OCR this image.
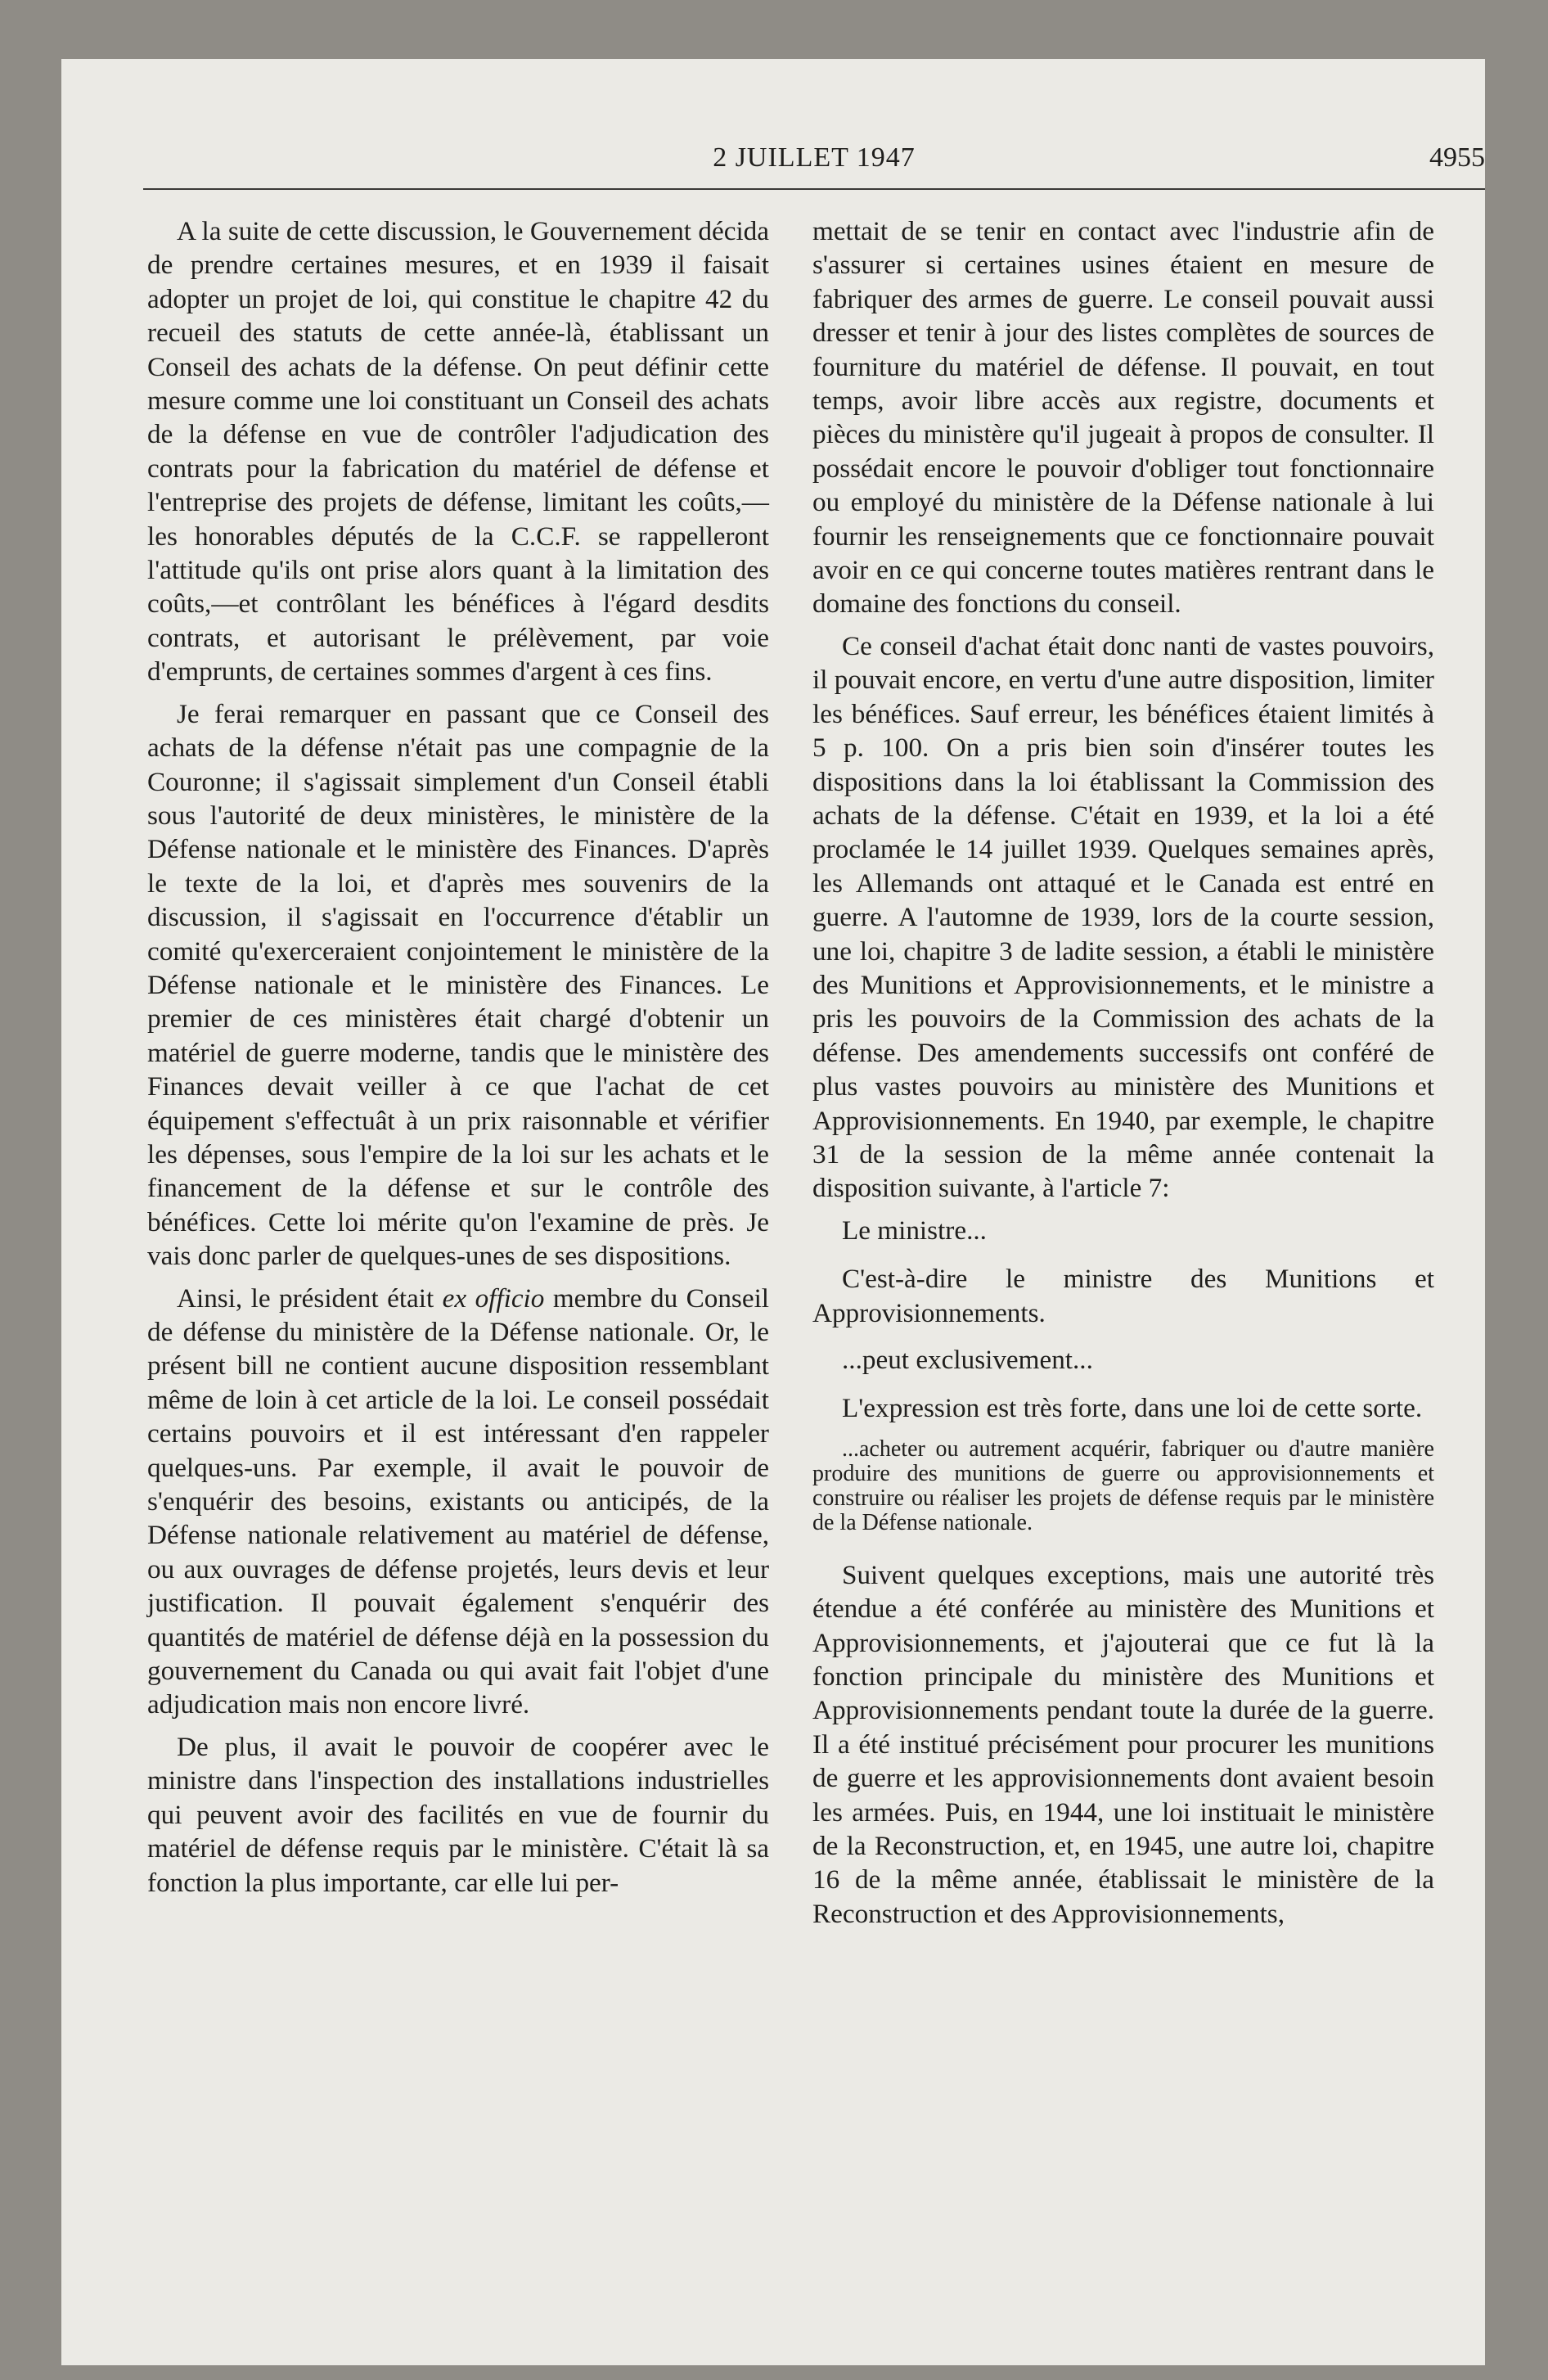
2 JUILLET 1947	4955

A la suite de cette discussion, le Gouvernement décida de prendre certaines mesures, et en 1939 il faisait adopter un projet de loi, qui constitue le chapitre 42 du recueil des statuts de cette année-là, établissant un Conseil des achats de la défense. On peut définir cette mesure comme une loi constituant un Conseil des achats de la défense en vue de contrôler l'adjudication des contrats pour la fabrication du matériel de défense et l'entreprise des projets de défense, limitant les coûts,—les honorables députés de la C.C.F. se rappelleront l'attitude qu'ils ont prise alors quant à la limitation des coûts,—et contrôlant les bénéfices à l'égard desdits contrats, et autorisant le prélèvement, par voie d'emprunts, de certaines sommes d'argent à ces fins.

Je ferai remarquer en passant que ce Conseil des achats de la défense n'était pas une compagnie de la Couronne; il s'agissait simplement d'un Conseil établi sous l'autorité de deux ministères, le ministère de la Défense nationale et le ministère des Finances. D'après le texte de la loi, et d'après mes souvenirs de la discussion, il s'agissait en l'occurrence d'établir un comité qu'exerceraient conjointement le ministère de la Défense nationale et le ministère des Finances. Le premier de ces ministères était chargé d'obtenir un matériel de guerre moderne, tandis que le ministère des Finances devait veiller à ce que l'achat de cet équipement s'effectuât à un prix raisonnable et vérifier les dépenses, sous l'empire de la loi sur les achats et le financement de la défense et sur le contrôle des bénéfices. Cette loi mérite qu'on l'examine de près. Je vais donc parler de quelques-unes de ses dispositions.

Ainsi, le président était ex officio membre du Conseil de défense du ministère de la Défense nationale. Or, le présent bill ne contient aucune disposition ressemblant même de loin à cet article de la loi. Le conseil possédait certains pouvoirs et il est intéressant d'en rappeler quelques-uns. Par exemple, il avait le pouvoir de s'enquérir des besoins, existants ou anticipés, de la Défense nationale relativement au matériel de défense, ou aux ouvrages de défense projetés, leurs devis et leur justification. Il pouvait également s'enquérir des quantités de matériel de défense déjà en la possession du gouvernement du Canada ou qui avait fait l'objet d'une adjudication mais non encore livré.

De plus, il avait le pouvoir de coopérer avec le ministre dans l'inspection des installations industrielles qui peuvent avoir des facilités en vue de fournir du matériel de défense requis par le ministère. C'était là sa fonction la plus importante, car elle lui per-

mettait de se tenir en contact avec l'industrie afin de s'assurer si certaines usines étaient en mesure de fabriquer des armes de guerre. Le conseil pouvait aussi dresser et tenir à jour des listes complètes de sources de fourniture du matériel de défense. Il pouvait, en tout temps, avoir libre accès aux registre, documents et pièces du ministère qu'il jugeait à propos de consulter. Il possédait encore le pouvoir d'obliger tout fonctionnaire ou employé du ministère de la Défense nationale à lui fournir les renseignements que ce fonctionnaire pouvait avoir en ce qui concerne toutes matières rentrant dans le domaine des fonctions du conseil.

Ce conseil d'achat était donc nanti de vastes pouvoirs, il pouvait encore, en vertu d'une autre disposition, limiter les bénéfices. Sauf erreur, les bénéfices étaient limités à 5 p. 100. On a pris bien soin d'insérer toutes les dispositions dans la loi établissant la Commission des achats de la défense. C'était en 1939, et la loi a été proclamée le 14 juillet 1939. Quelques semaines après, les Allemands ont attaqué et le Canada est entré en guerre. A l'automne de 1939, lors de la courte session, une loi, chapitre 3 de ladite session, a établi le ministère des Munitions et Approvisionnements, et le ministre a pris les pouvoirs de la Commission des achats de la défense. Des amendements successifs ont conféré de plus vastes pouvoirs au ministère des Munitions et Approvisionnements. En 1940, par exemple, le chapitre 31 de la session de la même année contenait la disposition suivante, à l'article 7:

Le ministre...

C'est-à-dire le ministre des Munitions et Approvisionnements.

...peut exclusivement...

L'expression est très forte, dans une loi de cette sorte.

...acheter ou autrement acquérir, fabriquer ou d'autre manière produire des munitions de guerre ou approvisionnements et construire ou réaliser les projets de défense requis par le ministère de la Défense nationale.

Suivent quelques exceptions, mais une autorité très étendue a été conférée au ministère des Munitions et Approvisionnements, et j'ajouterai que ce fut là la fonction principale du ministère des Munitions et Approvisionnements pendant toute la durée de la guerre. Il a été institué précisément pour procurer les munitions de guerre et les approvisionnements dont avaient besoin les armées. Puis, en 1944, une loi instituait le ministère de la Reconstruction, et, en 1945, une autre loi, chapitre 16 de la même année, établissait le ministère de la Reconstruction et des Approvisionnements,
